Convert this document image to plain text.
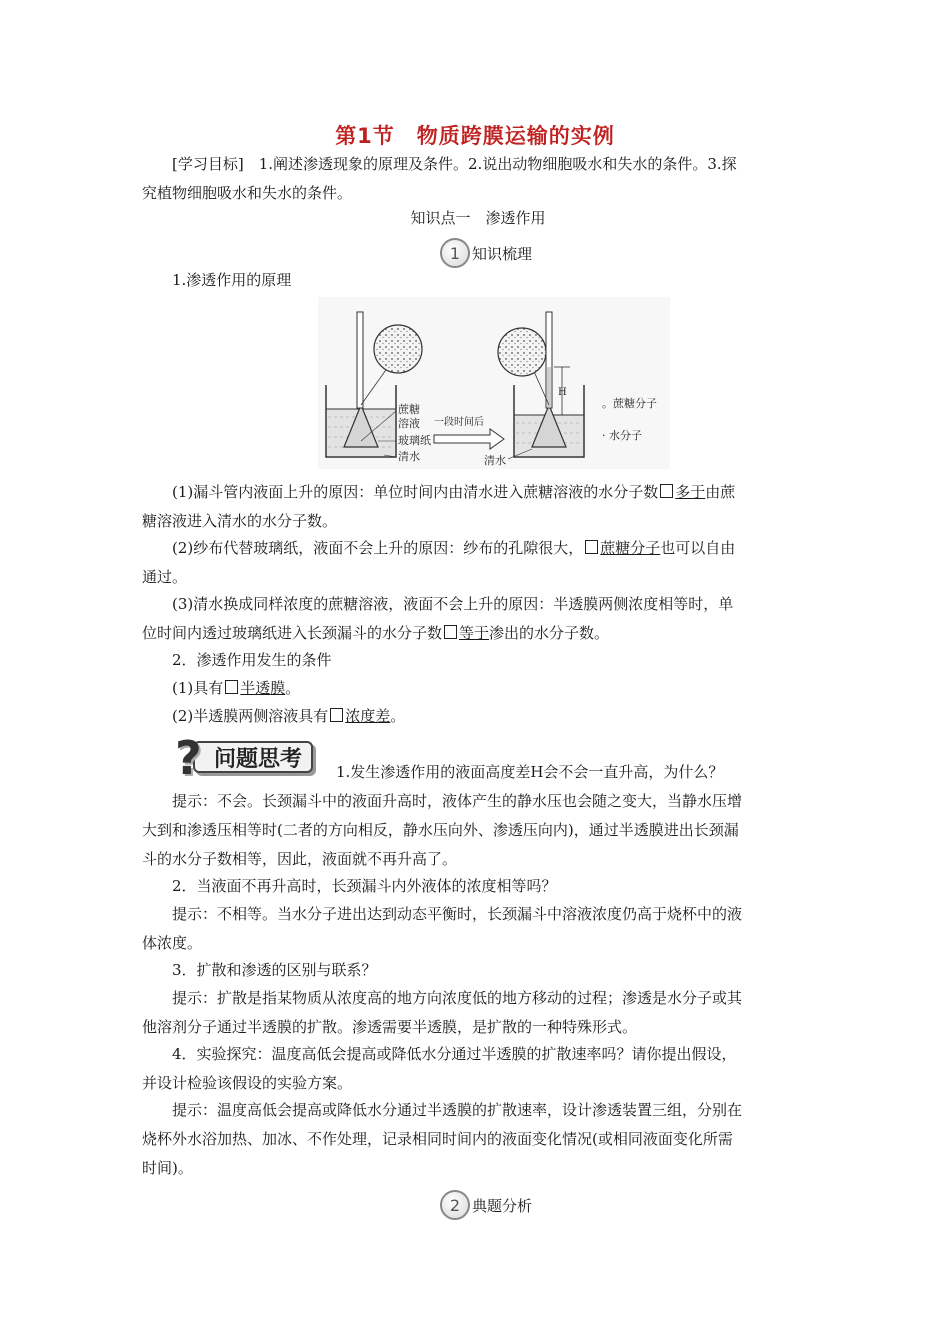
第1节　物质跨膜运输的实例
[学习目标]　1.阐述渗透现象的原理及条件。2.说出动物细胞吸水和失水的条件。3.探
究植物细胞吸水和失水的条件。
知识点一　渗透作用
1 知识梳理
1.渗透作用的原理
蔗糖
溶液
玻璃纸
清水
一段时间后
H
清水
。蔗糖分子
· 水分子
(1)漏斗管内液面上升的原因：单位时间内由清水进入蔗糖溶液的水分子数 多于由蔗
糖溶液进入清水的水分子数。
(2)纱布代替玻璃纸，液面不会上升的原因：纱布的孔隙很大， 蔗糖分子也可以自由
通过。
(3)清水换成同样浓度的蔗糖溶液，液面不会上升的原因：半透膜两侧浓度相等时，单
位时间内透过玻璃纸进入长颈漏斗的水分子数 等于渗出的水分子数。
2．渗透作用发生的条件
(1)具有 半透膜。
(2)半透膜两侧溶液具有 浓度差。
问题思考
?	1.发生渗透作用的液面高度差H会不会一直升高，为什么？
提示：不会。长颈漏斗中的液面升高时，液体产生的静水压也会随之变大，当静水压增
大到和渗透压相等时(二者的方向相反，静水压向外、渗透压向内)，通过半透膜进出长颈漏
斗的水分子数相等，因此，液面就不再升高了。
2．当液面不再升高时，长颈漏斗内外液体的浓度相等吗？
提示：不相等。当水分子进出达到动态平衡时，长颈漏斗中溶液浓度仍高于烧杯中的液
体浓度。
3．扩散和渗透的区别与联系？
提示：扩散是指某物质从浓度高的地方向浓度低的地方移动的过程；渗透是水分子或其
他溶剂分子通过半透膜的扩散。渗透需要半透膜，是扩散的一种特殊形式。
4．实验探究：温度高低会提高或降低水分通过半透膜的扩散速率吗？请你提出假设，
并设计检验该假设的实验方案。
提示：温度高低会提高或降低水分通过半透膜的扩散速率，设计渗透装置三组，分别在
烧杯外水浴加热、加冰、不作处理，记录相同时间内的液面变化情况(或相同液面变化所需
时间)。
2 典题分析
